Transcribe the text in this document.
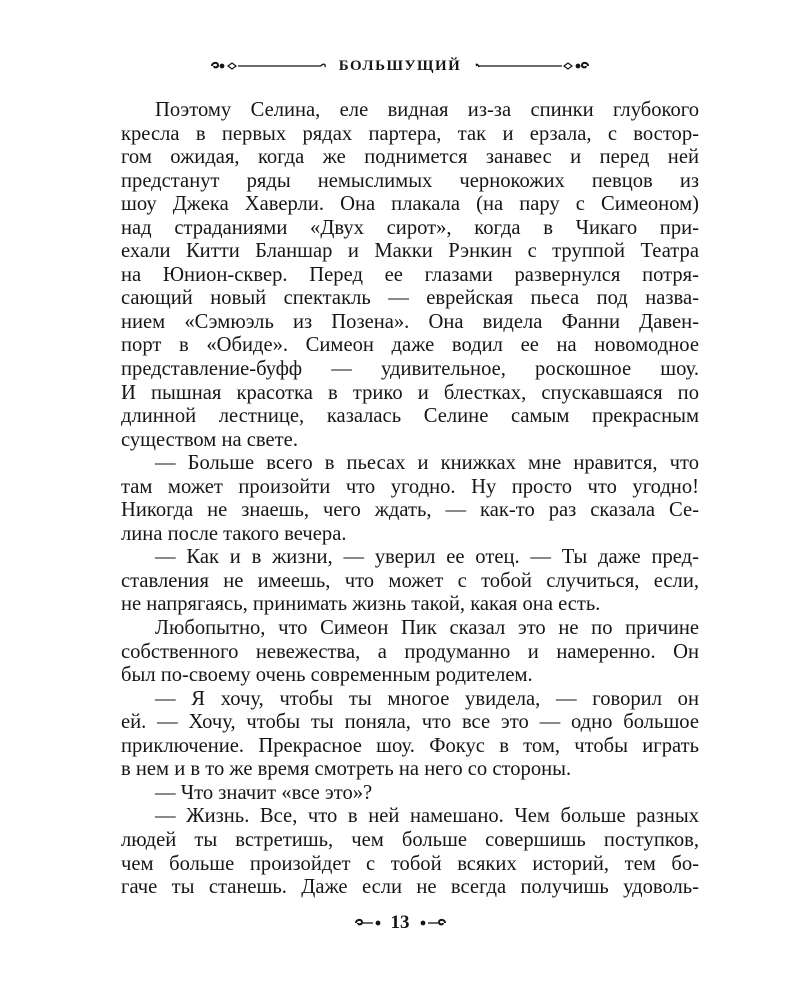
БОЛЬШУЩИЙ

Поэтому Селина, еле видная из-за спинки глубокого
кресла в первых рядах партера, так и ерзала, с востор-
гом ожидая, когда же поднимется занавес и перед ней
предстанут ряды немыслимых чернокожих певцов из
шоу Джека Хаверли. Она плакала (на пару с Симеоном)
над страданиями «Двух сирот», когда в Чикаго при-
ехали Китти Бланшар и Макки Рэнкин с труппой Театра
на Юнион-сквер. Перед ее глазами развернулся потря-
сающий новый спектакль — еврейская пьеса под назва-
нием «Сэмюэль из Позена». Она видела Фанни Давен-
порт в «Обиде». Симеон даже водил ее на новомодное
представление-буфф — удивительное, роскошное шоу.
И пышная красотка в трико и блестках, спускавшаяся по
длинной лестнице, казалась Селине самым прекрасным
существом на свете.

— Больше всего в пьесах и книжках мне нравится, что
там может произойти что угодно. Ну просто что угодно!
Никогда не знаешь, чего ждать, — как-то раз сказала Се-
лина после такого вечера.

— Как и в жизни, — уверил ее отец. — Ты даже пред-
ставления не имеешь, что может с тобой случиться, если,
не напрягаясь, принимать жизнь такой, какая она есть.

Любопытно, что Симеон Пик сказал это не по причине
собственного невежества, а продуманно и намеренно. Он
был по-своему очень современным родителем.

— Я хочу, чтобы ты многое увидела, — говорил он
ей. — Хочу, чтобы ты поняла, что все это — одно большое
приключение. Прекрасное шоу. Фокус в том, чтобы играть
в нем и в то же время смотреть на него со стороны.

— Что значит «все это»?

— Жизнь. Все, что в ней намешано. Чем больше разных
людей ты встретишь, чем больше совершишь поступков,
чем больше произойдет с тобой всяких историй, тем бо-
гаче ты станешь. Даже если не всегда получишь удоволь-

13
